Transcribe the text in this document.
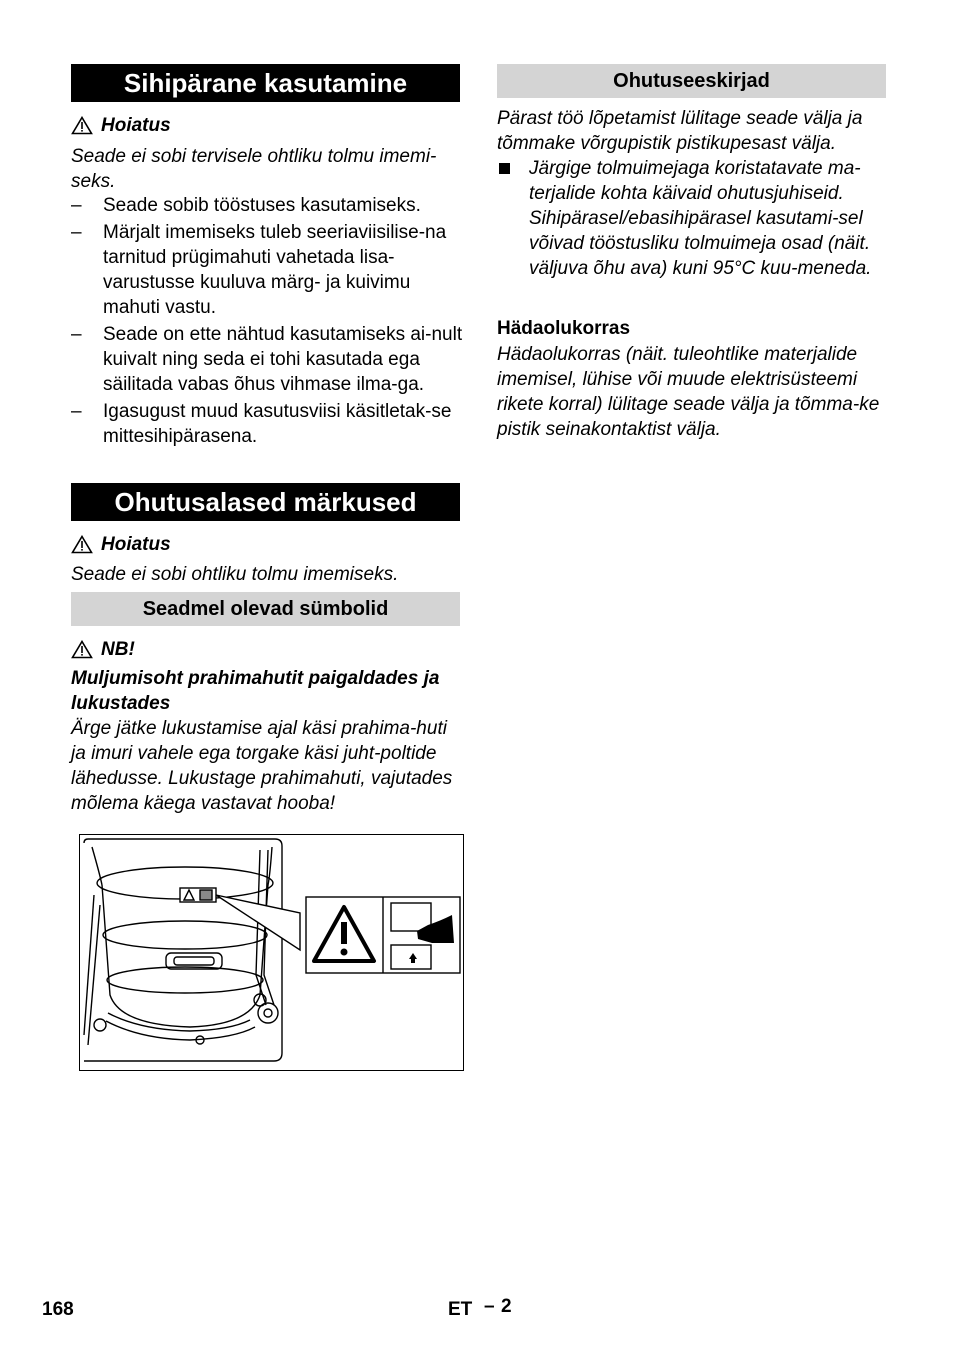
Sihipärane kasutamine
Hoiatus
Seade ei sobi tervisele ohtliku tolmu imemi-seks.
– Seade sobib tööstuses kasutamiseks.
– Märjalt imemiseks tuleb seeriaviisilise-na tarnitud prügimahuti vahetada lisa-varustusse kuuluva märg- ja kuivimu mahuti vastu.
– Seade on ette nähtud kasutamiseks ai-nult kuivalt ning seda ei tohi kasutada ega säilitada vabas õhus vihmase ilma-ga.
– Igasugust muud kasutusviisi käsitletak-se mittesihipärasena.
Ohutusalased märkused
Hoiatus
Seade ei sobi ohtliku tolmu imemiseks.
Seadmel olevad sümbolid
NB!
Muljumisoht prahimahutit paigaldades ja lukustades
Ärge jätke lukustamise ajal käsi prahima-huti ja imuri vahele ega torgake käsi juht-poltide lähedusse. Lukustage prahimahuti, vajutades mõlema käega vastavat hooba!
Ohutuseeskirjad
Pärast töö lõpetamist lülitage seade välja ja tõmmake võrgupistik pistikupesast välja.
Järgige tolmuimejaga koristatavate ma-terjalide kohta käivaid ohutusjuhiseid. Sihipärasel/ebasihipärasel kasutami-sel võivad tööstusliku tolmuimeja osad (näit. väljuva õhu ava) kuni 95°C kuu-meneda.
Hädaolukorras
Hädaolukorras (näit. tuleohtlike materjalide imemisel, lühise või muude elektrisüsteemi rikete korral) lülitage seade välja ja tõmma-ke pistik seinakontaktist välja.
168	ET – 2
